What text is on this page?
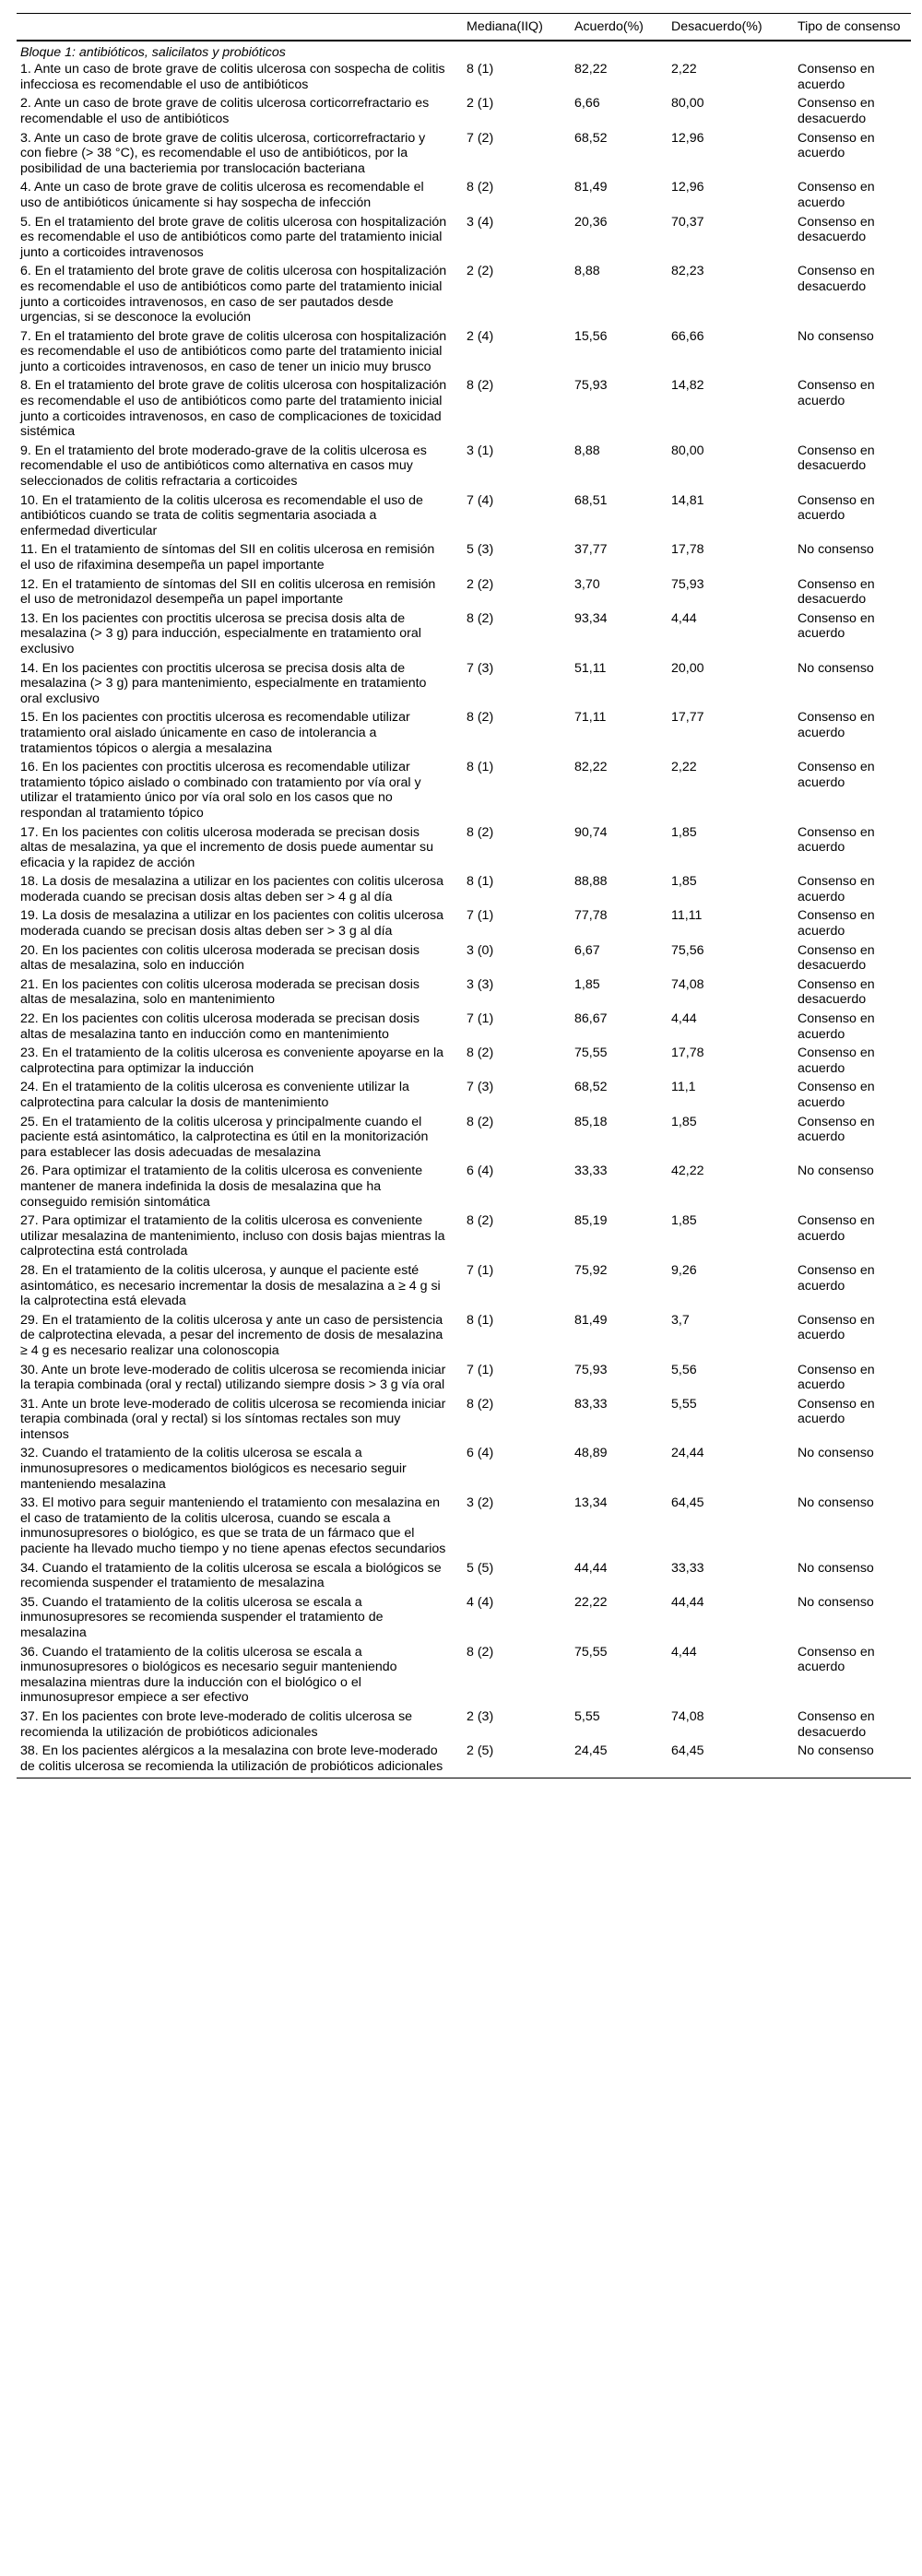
	Mediana(IIQ)	Acuerdo(%)	Desacuerdo(%)	Tipo de consenso
Bloque 1: antibióticos, salicilatos y probióticos				
1. Ante un caso de brote grave de colitis ulcerosa con sospecha de colitis infecciosa es recomendable el uso de antibióticos	8 (1)	82,22	2,22	Consenso en acuerdo
2. Ante un caso de brote grave de colitis ulcerosa corticorrefractario es recomendable el uso de antibióticos	2 (1)	6,66	80,00	Consenso en desacuerdo
3. Ante un caso de brote grave de colitis ulcerosa, corticorrefractario y con fiebre (> 38 °C), es recomendable el uso de antibióticos, por la posibilidad de una bacteriemia por translocación bacteriana	7 (2)	68,52	12,96	Consenso en acuerdo
4. Ante un caso de brote grave de colitis ulcerosa es recomendable el uso de antibióticos únicamente si hay sospecha de infección	8 (2)	81,49	12,96	Consenso en acuerdo
5. En el tratamiento del brote grave de colitis ulcerosa con hospitalización es recomendable el uso de antibióticos como parte del tratamiento inicial junto a corticoides intravenosos	3 (4)	20,36	70,37	Consenso en desacuerdo
6. En el tratamiento del brote grave de colitis ulcerosa con hospitalización es recomendable el uso de antibióticos como parte del tratamiento inicial junto a corticoides intravenosos, en caso de ser pautados desde urgencias, si se desconoce la evolución	2 (2)	8,88	82,23	Consenso en desacuerdo
7. En el tratamiento del brote grave de colitis ulcerosa con hospitalización es recomendable el uso de antibióticos como parte del tratamiento inicial junto a corticoides intravenosos, en caso de tener un inicio muy brusco	2 (4)	15,56	66,66	No consenso
8. En el tratamiento del brote grave de colitis ulcerosa con hospitalización es recomendable el uso de antibióticos como parte del tratamiento inicial junto a corticoides intravenosos, en caso de complicaciones de toxicidad sistémica	8 (2)	75,93	14,82	Consenso en acuerdo
9. En el tratamiento del brote moderado-grave de la colitis ulcerosa es recomendable el uso de antibióticos como alternativa en casos muy seleccionados de colitis refractaria a corticoides	3 (1)	8,88	80,00	Consenso en desacuerdo
10. En el tratamiento de la colitis ulcerosa es recomendable el uso de antibióticos cuando se trata de colitis segmentaria asociada a enfermedad diverticular	7 (4)	68,51	14,81	Consenso en acuerdo
11. En el tratamiento de síntomas del SII en colitis ulcerosa en remisión el uso de rifaximina desempeña un papel importante	5 (3)	37,77	17,78	No consenso
12. En el tratamiento de síntomas del SII en colitis ulcerosa en remisión el uso de metronidazol desempeña un papel importante	2 (2)	3,70	75,93	Consenso en desacuerdo
13. En los pacientes con proctitis ulcerosa se precisa dosis alta de mesalazina (> 3 g) para inducción, especialmente en tratamiento oral exclusivo	8 (2)	93,34	4,44	Consenso en acuerdo
14. En los pacientes con proctitis ulcerosa se precisa dosis alta de mesalazina (> 3 g) para mantenimiento, especialmente en tratamiento oral exclusivo	7 (3)	51,11	20,00	No consenso
15. En los pacientes con proctitis ulcerosa es recomendable utilizar tratamiento oral aislado únicamente en caso de intolerancia a tratamientos tópicos o alergia a mesalazina	8 (2)	71,11	17,77	Consenso en acuerdo
16. En los pacientes con proctitis ulcerosa es recomendable utilizar tratamiento tópico aislado o combinado con tratamiento por vía oral y utilizar el tratamiento único por vía oral solo en los casos que no respondan al tratamiento tópico	8 (1)	82,22	2,22	Consenso en acuerdo
17. En los pacientes con colitis ulcerosa moderada se precisan dosis altas de mesalazina, ya que el incremento de dosis puede aumentar su eficacia y la rapidez de acción	8 (2)	90,74	1,85	Consenso en acuerdo
18. La dosis de mesalazina a utilizar en los pacientes con colitis ulcerosa moderada cuando se precisan dosis altas deben ser > 4 g al día	8 (1)	88,88	1,85	Consenso en acuerdo
19. La dosis de mesalazina a utilizar en los pacientes con colitis ulcerosa moderada cuando se precisan dosis altas deben ser > 3 g al día	7 (1)	77,78	11,11	Consenso en acuerdo
20. En los pacientes con colitis ulcerosa moderada se precisan dosis altas de mesalazina, solo en inducción	3 (0)	6,67	75,56	Consenso en desacuerdo
21. En los pacientes con colitis ulcerosa moderada se precisan dosis altas de mesalazina, solo en mantenimiento	3 (3)	1,85	74,08	Consenso en desacuerdo
22. En los pacientes con colitis ulcerosa moderada se precisan dosis altas de mesalazina tanto en inducción como en mantenimiento	7 (1)	86,67	4,44	Consenso en acuerdo
23. En el tratamiento de la colitis ulcerosa es conveniente apoyarse en la calprotectina para optimizar la inducción	8 (2)	75,55	17,78	Consenso en acuerdo
24. En el tratamiento de la colitis ulcerosa es conveniente utilizar la calprotectina para calcular la dosis de mantenimiento	7 (3)	68,52	11,1	Consenso en acuerdo
25. En el tratamiento de la colitis ulcerosa y principalmente cuando el paciente está asintomático, la calprotectina es útil en la monitorización para establecer las dosis adecuadas de mesalazina	8 (2)	85,18	1,85	Consenso en acuerdo
26. Para optimizar el tratamiento de la colitis ulcerosa es conveniente mantener de manera indefinida la dosis de mesalazina que ha conseguido remisión sintomática	6 (4)	33,33	42,22	No consenso
27. Para optimizar el tratamiento de la colitis ulcerosa es conveniente utilizar mesalazina de mantenimiento, incluso con dosis bajas mientras la calprotectina está controlada	8 (2)	85,19	1,85	Consenso en acuerdo
28. En el tratamiento de la colitis ulcerosa, y aunque el paciente esté asintomático, es necesario incrementar la dosis de mesalazina a ≥ 4 g si la calprotectina está elevada	7 (1)	75,92	9,26	Consenso en acuerdo
29. En el tratamiento de la colitis ulcerosa y ante un caso de persistencia de calprotectina elevada, a pesar del incremento de dosis de mesalazina ≥ 4 g es necesario realizar una colonoscopia	8 (1)	81,49	3,7	Consenso en acuerdo
30. Ante un brote leve-moderado de colitis ulcerosa se recomienda iniciar la terapia combinada (oral y rectal) utilizando siempre dosis > 3 g vía oral	7 (1)	75,93	5,56	Consenso en acuerdo
31. Ante un brote leve-moderado de colitis ulcerosa se recomienda iniciar terapia combinada (oral y rectal) si los síntomas rectales son muy intensos	8 (2)	83,33	5,55	Consenso en acuerdo
32. Cuando el tratamiento de la colitis ulcerosa se escala a inmunosupresores o medicamentos biológicos es necesario seguir manteniendo mesalazina	6 (4)	48,89	24,44	No consenso
33. El motivo para seguir manteniendo el tratamiento con mesalazina en el caso de tratamiento de la colitis ulcerosa, cuando se escala a inmunosupresores o biológico, es que se trata de un fármaco que el paciente ha llevado mucho tiempo y no tiene apenas efectos secundarios	3 (2)	13,34	64,45	No consenso
34. Cuando el tratamiento de la colitis ulcerosa se escala a biológicos se recomienda suspender el tratamiento de mesalazina	5 (5)	44,44	33,33	No consenso
35. Cuando el tratamiento de la colitis ulcerosa se escala a inmunosupresores se recomienda suspender el tratamiento de mesalazina	4 (4)	22,22	44,44	No consenso
36. Cuando el tratamiento de la colitis ulcerosa se escala a inmunosupresores o biológicos es necesario seguir manteniendo mesalazina mientras dure la inducción con el biológico o el inmunosupresor empiece a ser efectivo	8 (2)	75,55	4,44	Consenso en acuerdo
37. En los pacientes con brote leve-moderado de colitis ulcerosa se recomienda la utilización de probióticos adicionales	2 (3)	5,55	74,08	Consenso en desacuerdo
38. En los pacientes alérgicos a la mesalazina con brote leve-moderado de colitis ulcerosa se recomienda la utilización de probióticos adicionales	2 (5)	24,45	64,45	No consenso
